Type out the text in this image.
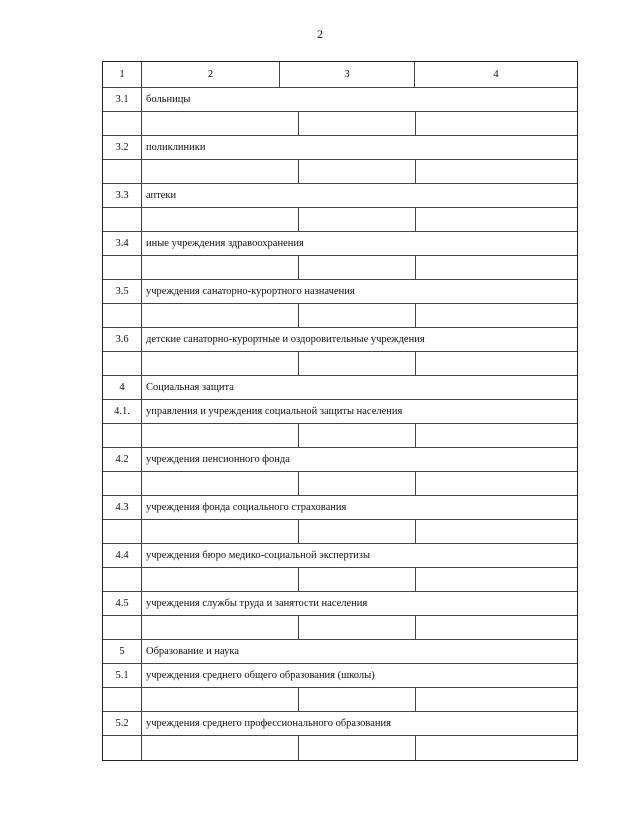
2
1	2	3	4
3.1	больницы
3.2	поликлиники
3.3	аптеки
3.4	иные учреждения здравоохранения
3.5	учреждения санаторно-курортного назначения
3.6	детские санаторно-курортные и оздоровительные учреждения
4	Социальная защита
4.1.	управления и учреждения социальной защиты населения
4.2	учреждения пенсионного фонда
4.3	учреждения фонда социального страхования
4.4	учреждения бюро медико-социальной экспертизы
4.5	учреждения службы труда и занятости населения
5	Образование и наука
5.1	учреждения среднего общего образования (школы)
5.2	учреждения среднего профессионального образования
